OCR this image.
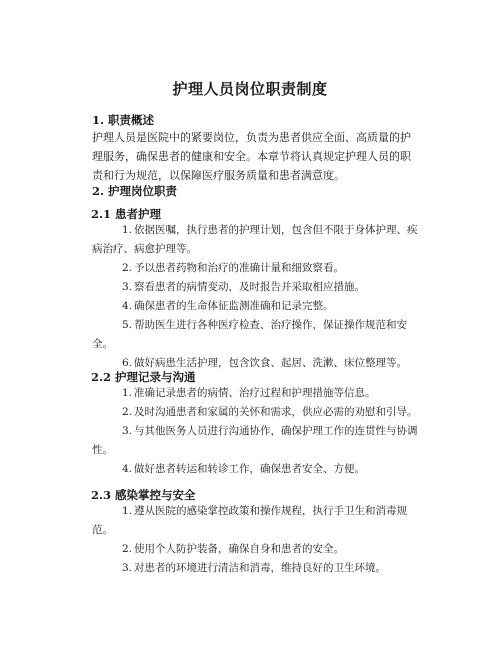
护理人员岗位职责制度
1. 职责概述
护理人员是医院中的紧要岗位，负责为患者供应全面、高质量的护理服务，确保患者的健康和安全。本章节将认真规定护理人员的职责和行为规范，以保障医疗服务质量和患者满意度。
2. 护理岗位职责
2.1 患者护理
1. 依据医嘱，执行患者的护理计划，包含但不限于身体护理、疾病治疗、病愈护理等。
2. 予以患者药物和治疗的准确计量和细致察看。
3. 察看患者的病情变动，及时报告并采取相应措施。
4. 确保患者的生命体征监测准确和记录完整。
5. 帮助医生进行各种医疗检查、治疗操作，保证操作规范和安全。
6. 做好病患生活护理，包含饮食、起居、洗漱、床位整理等。
2.2 护理记录与沟通
1. 准确记录患者的病情、治疗过程和护理措施等信息。
2. 及时沟通患者和家属的关怀和需求，供应必需的劝慰和引导。
3. 与其他医务人员进行沟通协作，确保护理工作的连贯性与协调性。
4. 做好患者转运和转诊工作，确保患者安全、方便。
2.3 感染掌控与安全
1. 遵从医院的感染掌控政策和操作规程，执行手卫生和消毒规范。
2. 使用个人防护装备，确保自身和患者的安全。
3. 对患者的环境进行清洁和消毒，维持良好的卫生环境。
